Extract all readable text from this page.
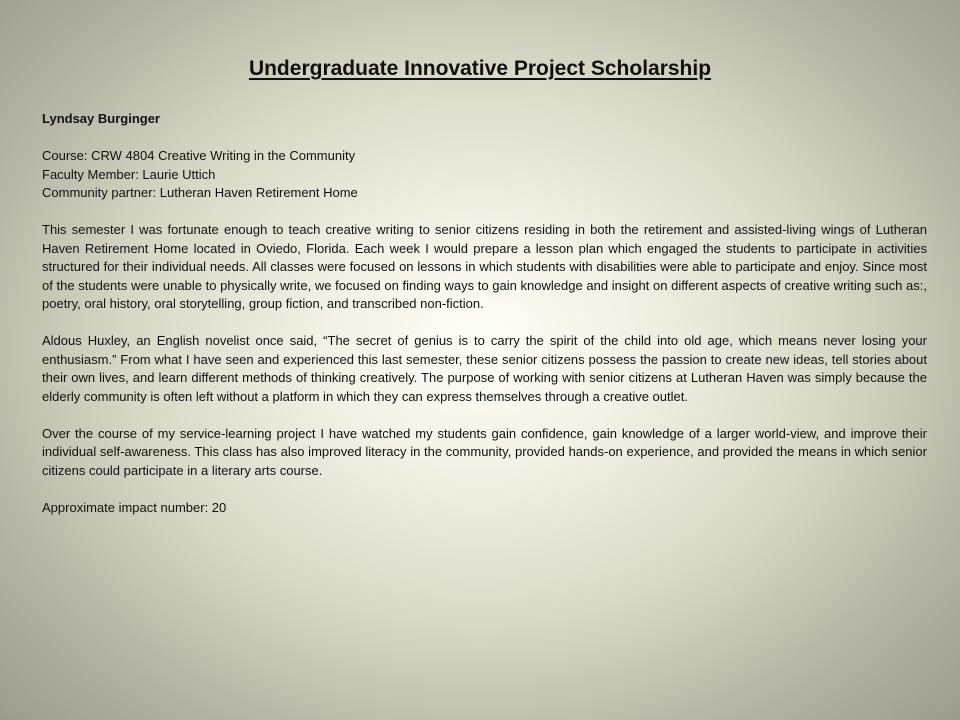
Undergraduate Innovative Project Scholarship

Lyndsay Burginger

Course: CRW 4804 Creative Writing in the Community

Faculty Member: Laurie Uttich

Community partner: Lutheran Haven Retirement Home

This semester I was fortunate enough to teach creative writing to senior citizens residing in both the retirement and assisted-living wings of Lutheran Haven Retirement Home located in Oviedo, Florida. Each week I would prepare a lesson plan which engaged the students to participate in activities structured for their individual needs. All classes were focused on lessons in which students with disabilities were able to participate and enjoy. Since most of the students were unable to physically write, we focused on finding ways to gain knowledge and insight on different aspects of creative writing such as:, poetry, oral history, oral storytelling, group fiction, and transcribed non-fiction.

Aldous Huxley, an English novelist once said, “The secret of genius is to carry the spirit of the child into old age, which means never losing your enthusiasm.” From what I have seen and experienced this last semester, these senior citizens possess the passion to create new ideas, tell stories about their own lives, and learn different methods of thinking creatively. The purpose of working with senior citizens at Lutheran Haven was simply because the elderly community is often left without a platform in which they can express themselves through a creative outlet.

Over the course of my service-learning project I have watched my students gain confidence, gain knowledge of a larger world-view, and improve their individual self-awareness. This class has also improved literacy in the community, provided hands-on experience, and provided the means in which senior citizens could participate in a literary arts course.

Approximate impact number: 20
